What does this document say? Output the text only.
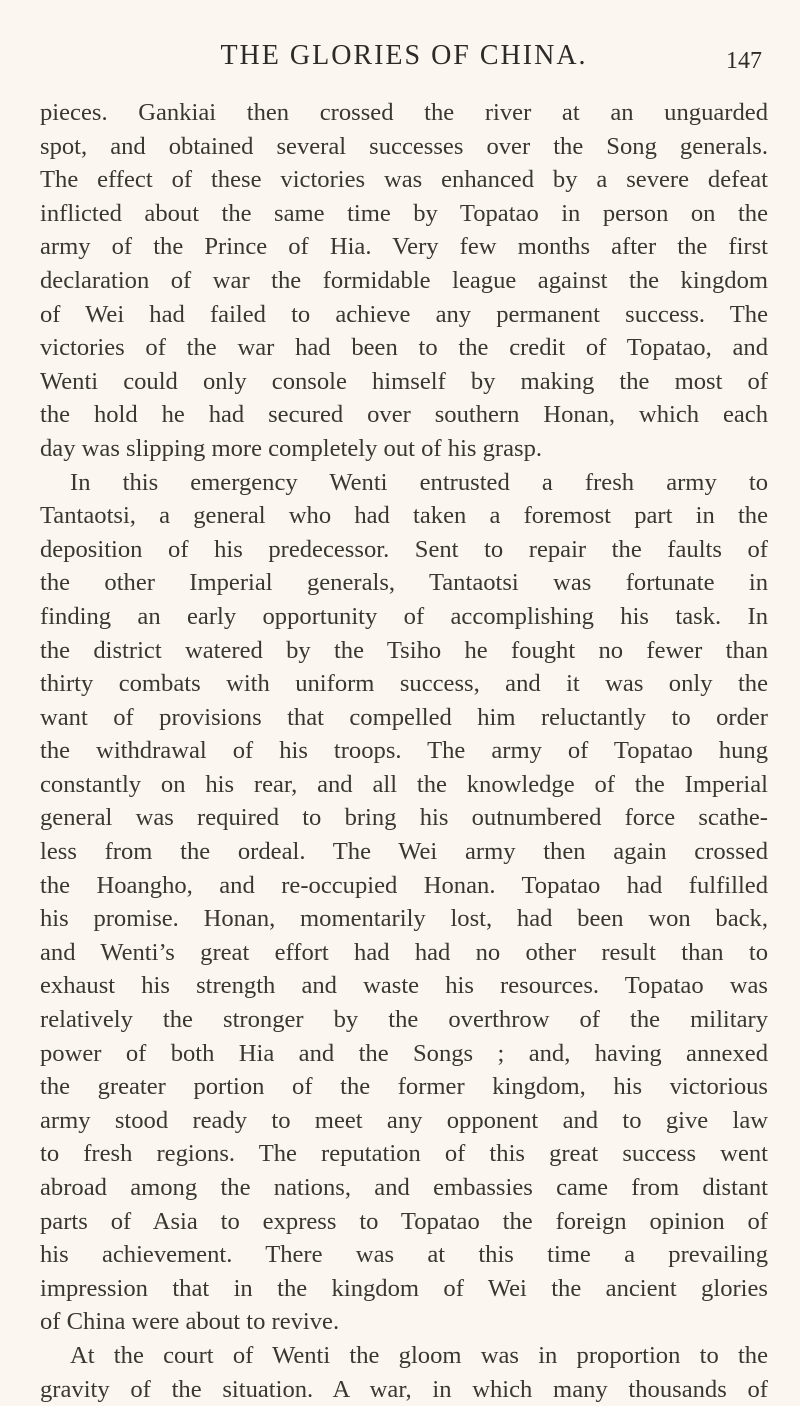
THE GLORIES OF CHINA.	147
pieces. Gankiai then crossed the river at an unguarded
spot, and obtained several successes over the Song generals.
The effect of these victories was enhanced by a severe defeat
inflicted about the same time by Topatao in person on the
army of the Prince of Hia. Very few months after the first
declaration of war the formidable league against the kingdom
of Wei had failed to achieve any permanent success. The
victories of the war had been to the credit of Topatao, and
Wenti could only console himself by making the most of
the hold he had secured over southern Honan, which each
day was slipping more completely out of his grasp.
In this emergency Wenti entrusted a fresh army to
Tantaotsi, a general who had taken a foremost part in the
deposition of his predecessor. Sent to repair the faults of
the other Imperial generals, Tantaotsi was fortunate in
finding an early opportunity of accomplishing his task. In
the district watered by the Tsiho he fought no fewer than
thirty combats with uniform success, and it was only the
want of provisions that compelled him reluctantly to order
the withdrawal of his troops. The army of Topatao hung
constantly on his rear, and all the knowledge of the Imperial
general was required to bring his outnumbered force scathe-
less from the ordeal. The Wei army then again crossed
the Hoangho, and re-occupied Honan. Topatao had fulfilled
his promise. Honan, momentarily lost, had been won back,
and Wenti’s great effort had had no other result than to
exhaust his strength and waste his resources. Topatao was
relatively the stronger by the overthrow of the military
power of both Hia and the Songs ; and, having annexed
the greater portion of the former kingdom, his victorious
army stood ready to meet any opponent and to give law
to fresh regions. The reputation of this great success went
abroad among the nations, and embassies came from distant
parts of Asia to express to Topatao the foreign opinion of
his achievement. There was at this time a prevailing
impression that in the kingdom of Wei the ancient glories
of China were about to revive.
At the court of Wenti the gloom was in proportion to the
gravity of the situation. A war, in which many thousands of
